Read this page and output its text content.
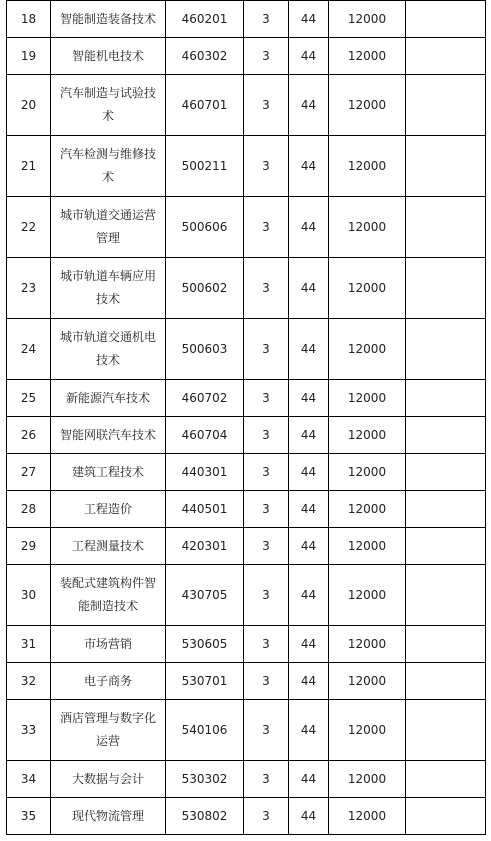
18	智能制造装备技术	460201	3	44	12000	
19	智能机电技术	460302	3	44	12000	
20	汽车制造与试验技术	460701	3	44	12000	
21	汽车检测与维修技术	500211	3	44	12000	
22	城市轨道交通运营管理	500606	3	44	12000	
23	城市轨道车辆应用技术	500602	3	44	12000	
24	城市轨道交通机电技术	500603	3	44	12000	
25	新能源汽车技术	460702	3	44	12000	
26	智能网联汽车技术	460704	3	44	12000	
27	建筑工程技术	440301	3	44	12000	
28	工程造价	440501	3	44	12000	
29	工程测量技术	420301	3	44	12000	
30	装配式建筑构件智能制造技术	430705	3	44	12000	
31	市场营销	530605	3	44	12000	
32	电子商务	530701	3	44	12000	
33	酒店管理与数字化运营	540106	3	44	12000	
34	大数据与会计	530302	3	44	12000	
35	现代物流管理	530802	3	44	12000	
